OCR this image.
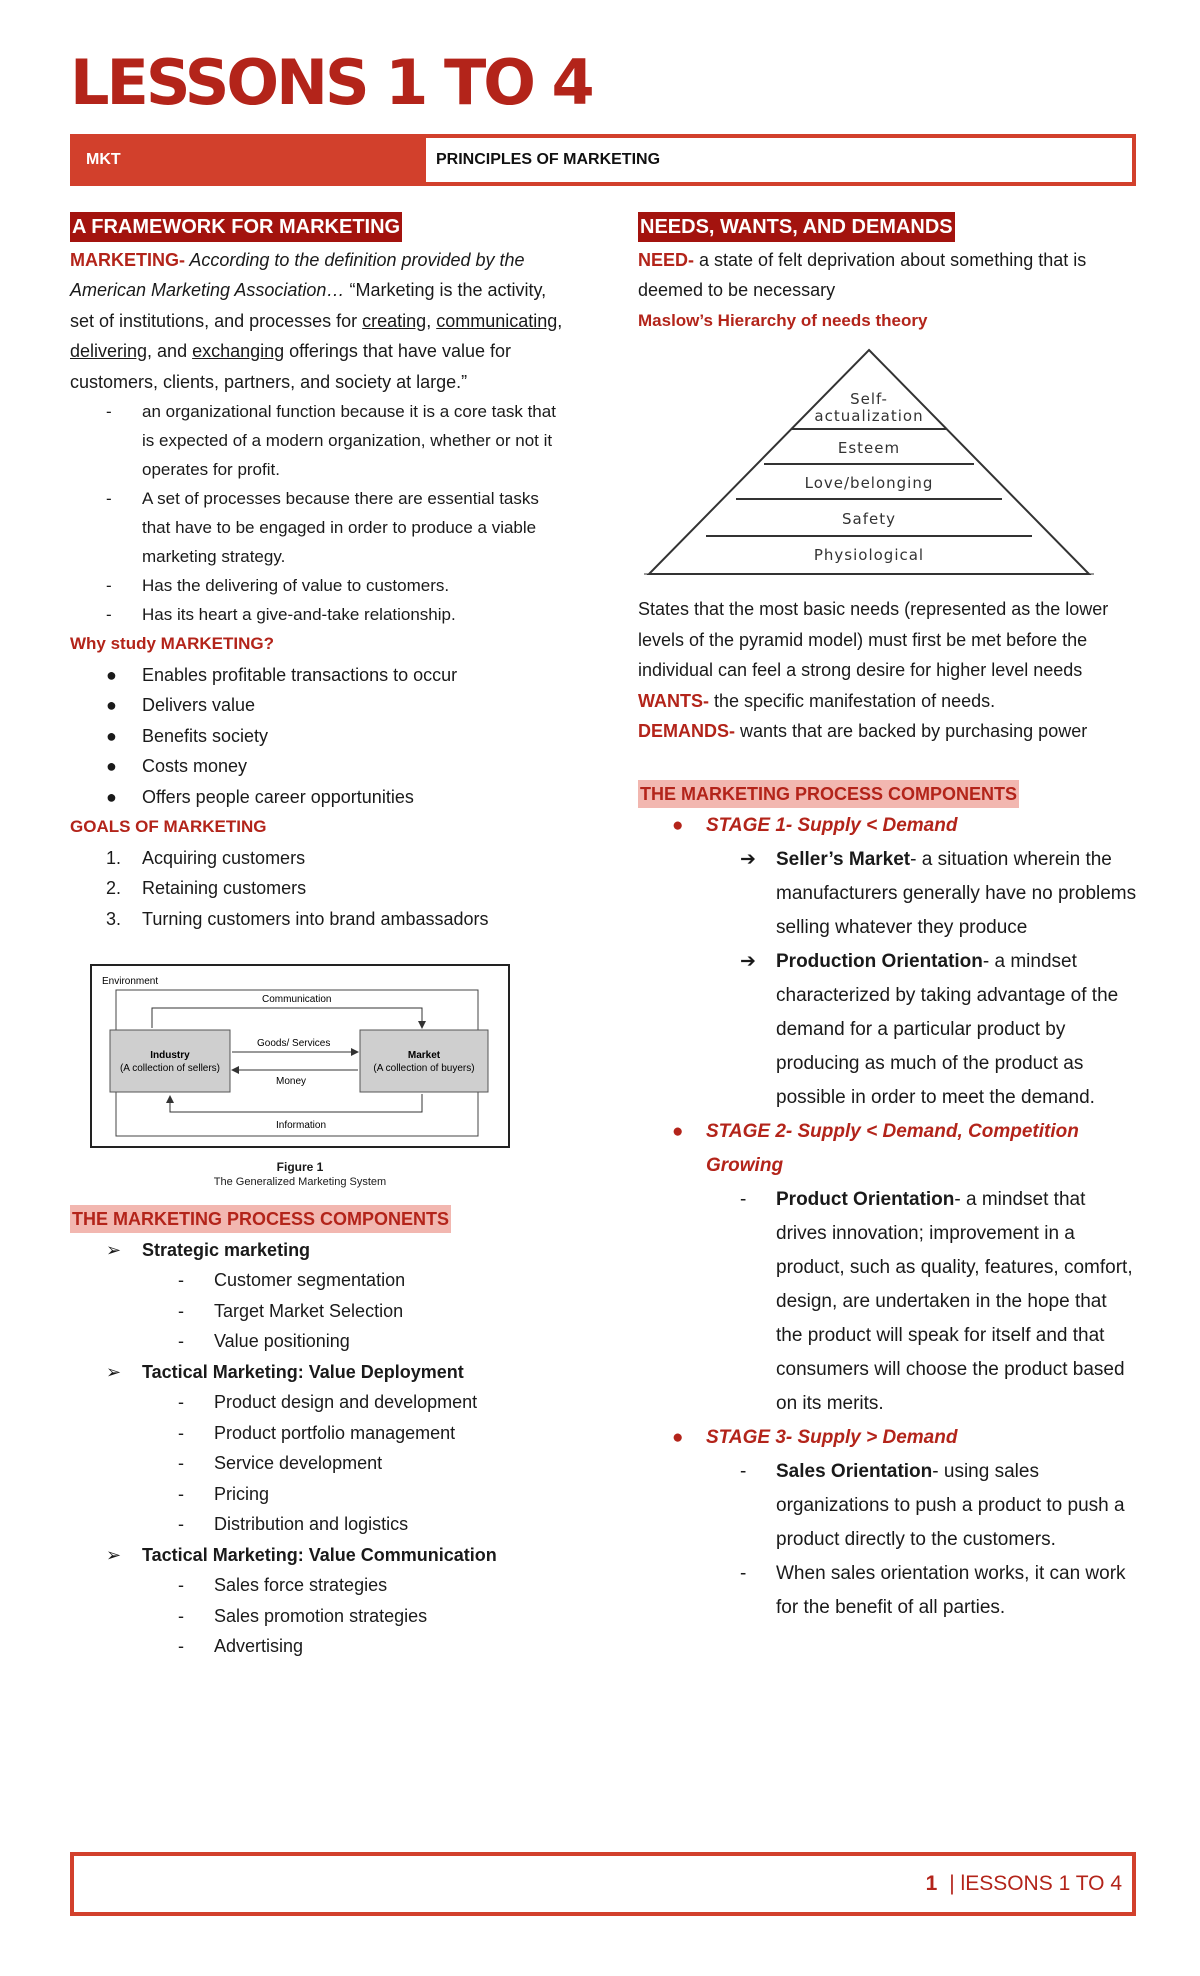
LESSONS 1 TO 4
MKT	PRINCIPLES OF MARKETING
A FRAMEWORK FOR MARKETING

MARKETING- According to the definition provided by the American Marketing Association… “Marketing is the activity, set of institutions, and processes for creating, communicating, delivering, and exchanging offerings that have value for customers, clients, partners, and society at large.”

-	an organizational function because it is a core task that is expected of a modern organization, whether or not it operates for profit.
-	A set of processes because there are essential tasks that have to be engaged in order to produce a viable marketing strategy.
-	Has the delivering of value to customers.
-	Has its heart a give-and-take relationship.
Why study MARKETING?
●	Enables profitable transactions to occur
●	Delivers value
●	Benefits society
●	Costs money
●	Offers people career opportunities
GOALS OF MARKETING
1.	Acquiring customers
2.	Retaining customers
3.	Turning customers into brand ambassadors
Environment
Communication
Industry
(A collection of sellers)
Market
(A collection of buyers)
Goods/ Services
Money
Information
Figure 1
The Generalized Marketing System
THE MARKETING PROCESS COMPONENTS
➢	Strategic marketing
-	Customer segmentation
-	Target Market Selection
-	Value positioning
➢	Tactical Marketing: Value Deployment
-	Product design and development
-	Product portfolio management
-	Service development
-	Pricing
-	Distribution and logistics
➢	Tactical Marketing: Value Communication
-	Sales force strategies
-	Sales promotion strategies
-	Advertising
NEEDS, WANTS, AND DEMANDS

NEED- a state of felt deprivation about something that is deemed to be necessary

Maslow’s Hierarchy of needs theory
Self-
actualization
Esteem
Love/belonging
Safety
Physiological

States that the most basic needs (represented as the lower levels of the pyramid model) must first be met before the individual can feel a strong desire for higher level needs

WANTS- the specific manifestation of needs.

DEMANDS- wants that are backed by purchasing power

THE MARKETING PROCESS COMPONENTS
●	STAGE 1- Supply < Demand
➔	Seller’s Market- a situation wherein the manufacturers generally have no problems selling whatever they produce
➔	Production Orientation- a mindset characterized by taking advantage of the demand for a particular product by producing as much of the product as possible in order to meet the demand.
●	STAGE 2- Supply < Demand, Competition Growing
-	Product Orientation- a mindset that drives innovation; improvement in a product, such as quality, features, comfort, design, are undertaken in the hope that the product will speak for itself and that consumers will choose the product based on its merits.
●	STAGE 3- Supply > Demand
-	Sales Orientation- using sales organizations to push a product to push a product directly to the customers.
-	When sales orientation works, it can work for the benefit of all parties.
1 | lESSONS 1 TO 4
